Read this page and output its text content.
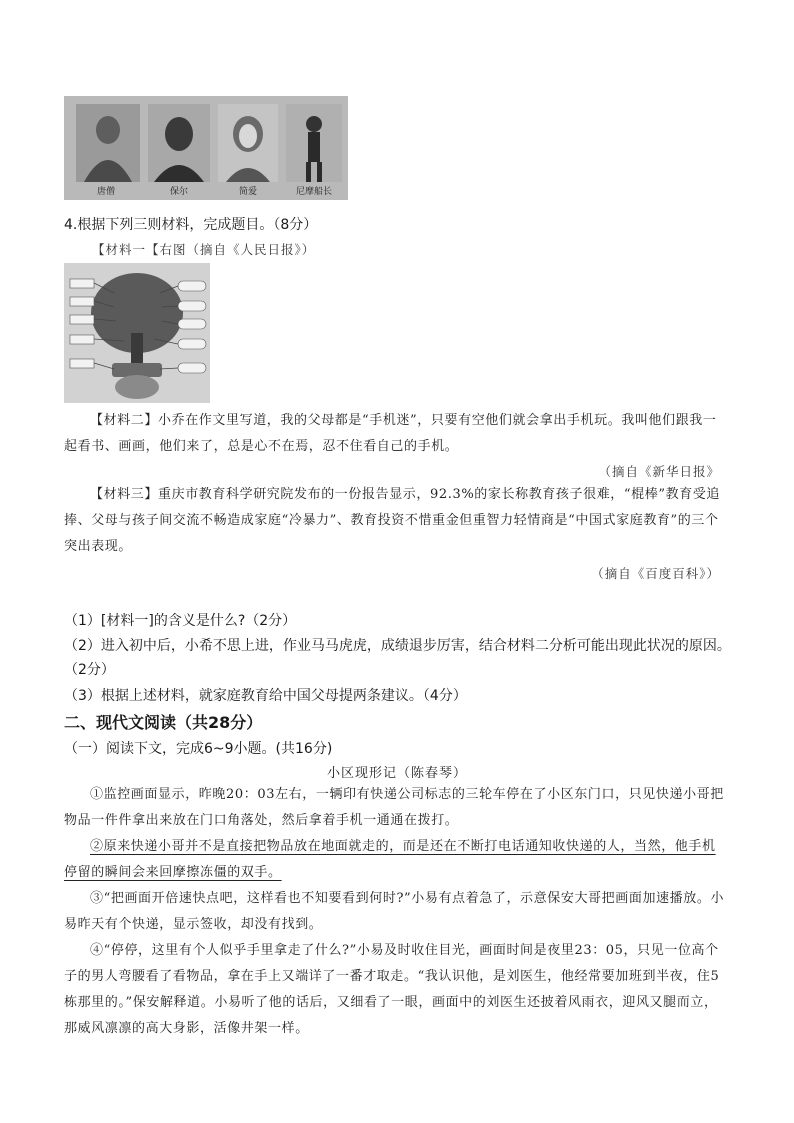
唐僧	保尔	简爱	尼摩船长
4.根据下列三则材料，完成题目。（8分）
【材料一【右图（摘自《人民日报》）

【材料二】小乔在作文里写道，我的父母都是“手机迷”，只要有空他们就会拿出手机玩。我叫他们跟我一起看书、画画，他们来了，总是心不在焉，忍不住看自己的手机。

（摘自《新华日报》

【材料三】重庆市教育科学研究院发布的一份报告显示，92.3%的家长称教育孩子很难，“棍棒”教育受追捧、父母与孩子间交流不畅造成家庭“冷暴力”、教育投资不惜重金但重智力轻情商是“中国式家庭教育”的三个突出表现。

（摘自《百度百科》）
（1）[材料一]的含义是什么?（2分）
（2）进入初中后，小希不思上进，作业马马虎虎，成绩退步厉害，结合材料二分析可能出现此状况的原因。（2分）
（3）根据上述材料，就家庭教育给中国父母提两条建议。（4分）
二、现代文阅读（共28分）
（一）阅读下文，完成6~9小题。(共16分)
小区现形记（陈春琴）

①监控画面显示，昨晚20：03左右，一辆印有快递公司标志的三轮车停在了小区东门口，只见快递小哥把物品一件件拿出来放在门口角落处，然后拿着手机一通通在拨打。

②原来快递小哥并不是直接把物品放在地面就走的，而是还在不断打电话通知收快递的人，当然，他手机停留的瞬间会来回摩擦冻僵的双手。

③“把画面开倍速快点吧，这样看也不知要看到何时?”小易有点着急了，示意保安大哥把画面加速播放。小易昨天有个快递，显示签收，却没有找到。

④“停停，这里有个人似乎手里拿走了什么?”小易及时收住目光，画面时间是夜里23：05，只见一位高个子的男人弯腰看了看物品，拿在手上又端详了一番才取走。“我认识他，是刘医生，他经常要加班到半夜，住5栋那里的。”保安解释道。小易听了他的话后，又细看了一眼，画面中的刘医生还披着风雨衣，迎风又腿而立，那威风凛凛的高大身影，活像井架一样。
